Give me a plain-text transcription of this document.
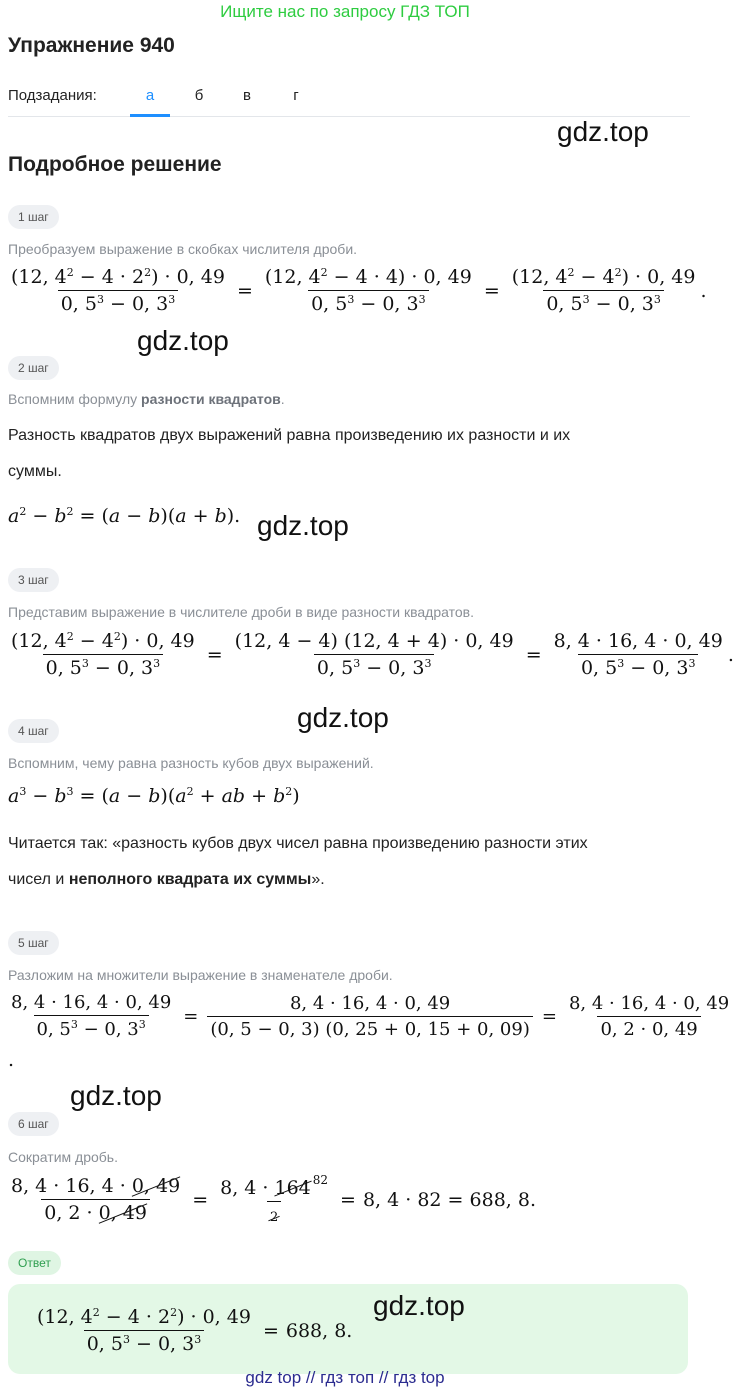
Ищите нас по запросу ГДЗ ТОП
Упражнение 940
Подзадания:	а	б	в	г
gdz.top
Подробное решение
1 шаг
Преобразуем выражение в скобках числителя дроби.
$\frac{(12, 4^2 - 4 \cdot 2^2) \cdot 0, 49}{0, 5^3 - 0, 3^3} = \frac{(12, 4^2 - 4 \cdot 4) \cdot 0, 49}{0, 5^3 - 0, 3^3} = \frac{(12, 4^2 - 4^2) \cdot 0, 49}{0, 5^3 - 0, 3^3}$ .
gdz.top
2 шаг
Вспомним формулу разности квадратов.
Разность квадратов двух выражений равна произведению их разности и их
суммы.
$a^2 - b^2 = (a - b)(a + b)$. gdz.top
3 шаг
Представим выражение в числителе дроби в виде разности квадратов.
$\frac{(12, 4^2 - 4^2) \cdot 0, 49}{0, 5^3 - 0, 3^3} = \frac{(12, 4 - 4) (12, 4 + 4) \cdot 0, 49}{0, 5^3 - 0, 3^3} = \frac{8, 4 \cdot 16, 4 \cdot 0, 49}{0, 5^3 - 0, 3^3}$ .
gdz.top
4 шаг
Вспомним, чему равна разность кубов двух выражений.
$a^3 - b^3 = (a - b)(a^2$ + ab + $b^2$)
Читается так: «разность кубов двух чисел равна произведению разности этих
чисел и неполного квадрата их суммы».
5 шаг
Разложим на множители выражение в знаменателе дроби.
$\frac{8, 4 \cdot 16, 4 \cdot 0, 49}{0, 5^3 - 0, 3^3} = \frac{8, 4 \cdot 16, 4 \cdot 0, 49}{(0, 5 - 0, 3) (0, 25 + 0, 15 + 0, 09)} = \frac{8, 4 \cdot 16, 4 \cdot 0, 49}{0, 2 \cdot 0, 49}$
.
gdz.top
6 шаг
Сократим дробь.
$\frac{8, 4 \cdot 16, 4 \cdot 0, 49}{0, 2 \cdot 0, 49} = \frac{8, 4 \cdot 164 ^{82}}{2} = 8$, 4 · 82 = 688, 8.
Ответ
$\frac{(12, 4^2 - 4 \cdot 2^2) \cdot 0, 49}{0, 5^3 - 0, 3^3} = 688$, 8.
gdz.top
gdz top // гдз топ // гдз top
